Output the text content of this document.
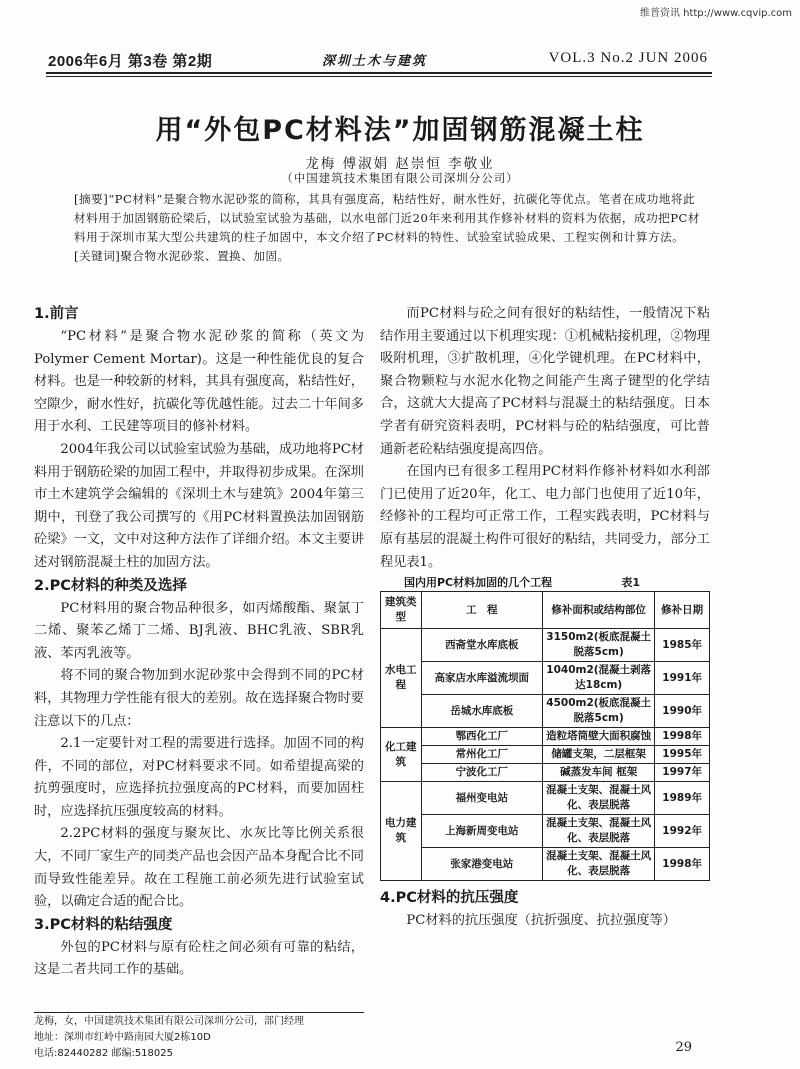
维普资讯 http://www.cqvip.com
2006年6月 第3卷 第2期	深圳土木与建筑	VOL.3 No.2 JUN 2006
用“外包PC材料法”加固钢筋混凝土柱
龙梅 傅淑娟 赵崇恒 李敬业
（中国建筑技术集团有限公司深圳分公司）

[摘要]“PC材料”是聚合物水泥砂浆的简称，其具有强度高，粘结性好，耐水性好，抗碳化等优点。笔者在成功地将此材料用于加固钢筋砼梁后，以试验室试验为基础，以水电部门近20年来利用其作修补材料的资料为依据，成功把PC材料用于深圳市某大型公共建筑的柱子加固中，本文介绍了PC材料的特性、试验室试验成果、工程实例和计算方法。

[关键词]聚合物水泥砂浆、置换、加固。

1.前言

“PC材料”是聚合物水泥砂浆的简称（英文为Polymer Cement Mortar)。这是一种性能优良的复合材料。也是一种较新的材料，其具有强度高，粘结性好，空隙少，耐水性好，抗碳化等优越性能。过去二十年间多用于水利、工民建等项目的修补材料。

2004年我公司以试验室试验为基础，成功地将PC材料用于钢筋砼梁的加固工程中，并取得初步成果。在深圳市土木建筑学会编辑的《深圳土木与建筑》2004年第三期中，刊登了我公司撰写的《用PC材料置换法加固钢筋砼梁》一文，文中对这种方法作了详细介绍。本文主要讲述对钢筋混凝土柱的加固方法。

2.PC材料的种类及选择

PC材料用的聚合物品种很多，如丙烯酸酯、聚氯丁二烯、聚苯乙烯丁二烯、BJ乳液、BHC乳液、SBR乳液、苯丙乳液等。

将不同的聚合物加到水泥砂浆中会得到不同的PC材料，其物理力学性能有很大的差别。故在选择聚合物时要注意以下的几点：

2.1一定要针对工程的需要进行选择。加固不同的构件，不同的部位，对PC材料要求不同。如希望提高梁的抗剪强度时，应选择抗拉强度高的PC材料，而要加固柱时，应选择抗压强度较高的材料。

2.2PC材料的强度与聚灰比、水灰比等比例关系很大，不同厂家生产的同类产品也会因产品本身配合比不同而导致性能差异。故在工程施工前必须先进行试验室试验，以确定合适的配合比。

3.PC材料的粘结强度

外包的PC材料与原有砼柱之间必须有可靠的粘结，这是二者共同工作的基础。

而PC材料与砼之间有很好的粘结性，一般情况下粘结作用主要通过以下机理实现：①机械粘接机理，②物理吸附机理，③扩散机理，④化学键机理。在PC材料中，聚合物颗粒与水泥水化物之间能产生离子键型的化学结合，这就大大提高了PC材料与混凝土的粘结强度。日本学者有研究资料表明，PC材料与砼的粘结强度，可比普通新老砼粘结强度提高四倍。

在国内已有很多工程用PC材料作修补材料如水利部门已使用了近20年，化工、电力部门也使用了近10年，经修补的工程均可正常工作，工程实践表明，PC材料与原有基层的混凝土构件可很好的粘结，共同受力，部分工程见表1。

国内用PC材料加固的几个工程	表1
建筑类型	工　程	修补面积或结构部位	修补日期
水电工程	西斋堂水库底板	3150m2(板底混凝土脱落5cm)	1985年
	高家店水库溢流坝面	1040m2(混凝土剥落达18cm)	1991年
	岳城水库底板	4500m2(板底混凝土脱落5cm)	1990年
化工建筑	鄂西化工厂	造粒塔筒壁大面积腐蚀	1998年
	常州化工厂	储罐支架，二层框架	1995年
	宁波化工厂	碱蒸发车间 框架	1997年
电力建筑	福州变电站	混凝土支架、混凝土风化、表层脱落	1989年
	上海新周变电站	混凝土支架、混凝土风化、表层脱落	1992年
	张家港变电站	混凝土支架、混凝土风化、表层脱落	1998年
4.PC材料的抗压强度

PC材料的抗压强度（抗折强度、抗拉强度等）

龙梅，女，中国建筑技术集团有限公司深圳分公司，部门经理
地址：深圳市红岭中路南园大厦2栋10D
电话:82440282 邮编:518025	29
